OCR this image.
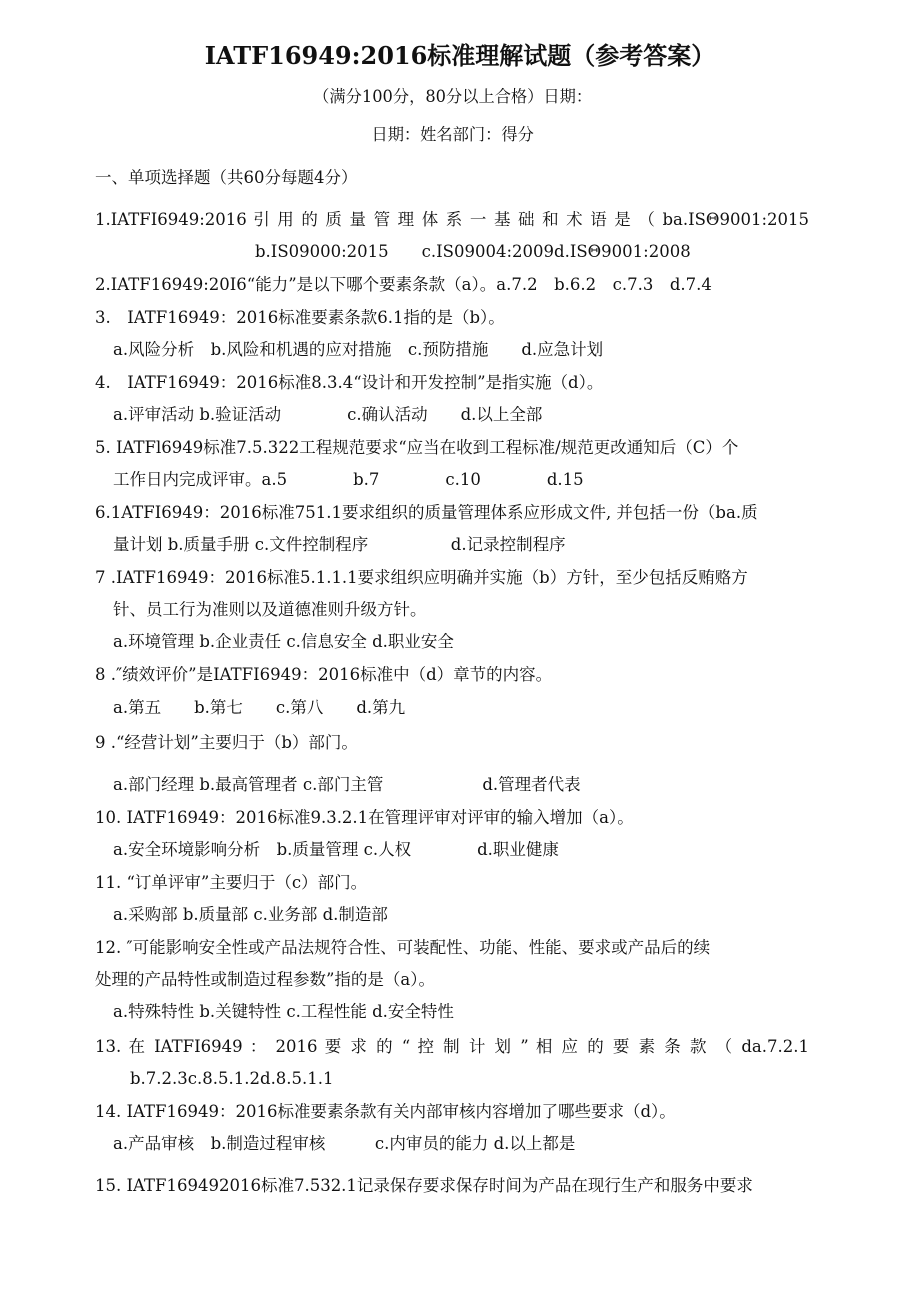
IATF16949:2016标准理解试题（参考答案）
（满分100分，80分以上合格）日期：
日期：姓名部门：得分
一、单项选择题（共60分每题4分）
1.IATFI6949:2016 引 用 的 质 量 管 理 体 系 一 基 础 和 术 语 是 （ ba.ISΘ9001:2015
b.IS09000:2015　　c.IS09004:2009d.ISΘ9001:2008
2.IATF16949:20I6“能力”是以下哪个要素条款（a）。a.7.2　b.6.2　c.7.3　d.7.4
3.　IATF16949：2016标准要素条款6.1指的是（b）。
a.风险分析　b.风险和机遇的应对措施　c.预防措施　　d.应急计划
4.　IATF16949：2016标准8.3.4“设计和开发控制”是指实施（d）。
a.评审活动 b.验证活动　　　　c.确认活动　　d.以上全部
5. IATFl6949标准7.5.322工程规范要求“应当在收到工程标准/规范更改通知后（C）个
工作日内完成评审。a.5　　　　b.7　　　　c.10　　　　d.15
6.1ATFI6949：2016标准751.1要求组织的质量管理体系应形成文件, 并包括一份（ba.质
量计划 b.质量手册 c.文件控制程序　　　　　d.记录控制程序
7 .IATF16949：2016标准5.1.1.1要求组织应明确并实施（b）方针，至少包括反贿赂方
针、员工行为准则以及道德准则升级方针。
a.环境管理 b.企业责任 c.信息安全 d.职业安全
8 .″绩效评价”是IATFI6949：2016标准中（d）章节的内容。
a.第五　　b.第七　　c.第八　　d.第九
9 .“经营计划”主要归于（b）部门。
a.部门经理 b.最高管理者 c.部门主管　　　　　　d.管理者代表
10. IATF16949：2016标准9.3.2.1在管理评审对评审的输入增加（a）。
a.安全环境影响分析　b.质量管理 c.人权　　　　d.职业健康
11. “订单评审”主要归于（c）部门。
a.采购部 b.质量部 c.业务部 d.制造部
12. ″可能影响安全性或产品法规符合性、可装配性、功能、性能、要求或产品后的续
处理的产品特性或制造过程参数”指的是（a）。
a.特殊特性 b.关键特性 c.工程性能 d.安全特性
13. 在 IATFI6949 ： 2016 要 求 的 “ 控 制 计 划 ” 相 应 的 要 素 条 款 （ da.7.2.1
b.7.2.3c.8.5.1.2d.8.5.1.1
14. IATF16949：2016标准要素条款有关内部审核内容增加了哪些要求（d）。
a.产品审核　b.制造过程审核　　　c.内审员的能力 d.以上都是
15. IATF169492016标准7.532.1记录保存要求保存时间为产品在现行生产和服务中要求
